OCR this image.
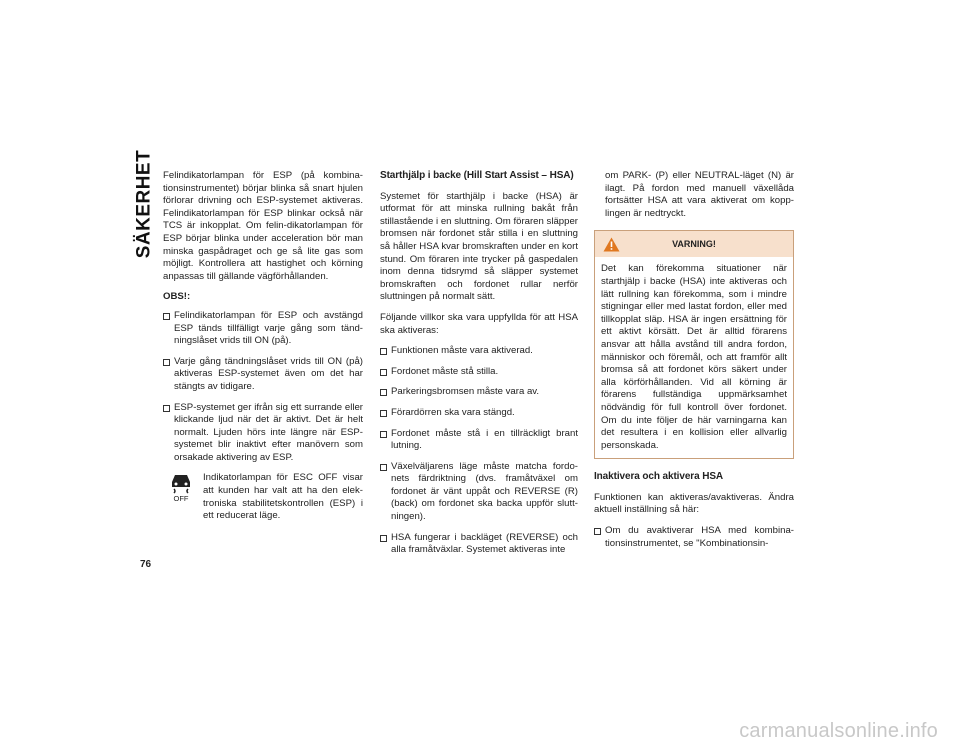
SÄKERHET
76

Felindikatorlampan för ESP (på kombina-tionsinstrumentet) börjar blinka så snart hjulen förlorar drivning och ESP-systemet aktiveras. Felindikatorlampan för ESP blinkar också när TCS är inkopplat. Om felin-dikatorlampan för ESP börjar blinka under acceleration bör man minska gaspådraget och ge så lite gas som möjligt. Kontrollera att hastighet och körning anpassas till gällande vägförhållanden.

OBS!:
Felindikatorlampan för ESP och avstängd ESP tänds tillfälligt varje gång som tänd-ningslåset vrids till ON (på).
Varje gång tändningslåset vrids till ON (på) aktiveras ESP-systemet även om det har stängts av tidigare.
ESP-systemet ger ifrån sig ett surrande eller klickande ljud när det är aktivt. Det är helt normalt. Ljuden hörs inte längre när ESP-systemet blir inaktivt efter manövern som orsakade aktivering av ESP.
OFF
Indikatorlampan för ESC OFF visar att kunden har valt att ha den elek-troniska stabilitetskontrollen (ESP) i ett reducerat läge.
Starthjälp i backe (Hill Start Assist – HSA)

Systemet för starthjälp i backe (HSA) är utformat för att minska rullning bakåt från stillastående i en sluttning. Om föraren släpper bromsen när fordonet står stilla i en sluttning så håller HSA kvar bromskraften under en kort stund. Om föraren inte trycker på gaspedalen inom denna tidsrymd så släpper systemet bromskraften och fordonet rullar nerför sluttningen på normalt sätt.

Följande villkor ska vara uppfyllda för att HSA ska aktiveras:

Funktionen måste vara aktiverad.
Fordonet måste stå stilla.
Parkeringsbromsen måste vara av.
Förardörren ska vara stängd.
Fordonet måste stå i en tillräckligt brant lutning.
Växelväljarens läge måste matcha fordo-nets färdriktning (dvs. framåtväxel om fordonet är vänt uppåt och REVERSE (R) (back) om fordonet ska backa uppför slutt-ningen).
HSA fungerar i backläget (REVERSE) och alla framåtväxlar. Systemet aktiveras inte

om PARK- (P) eller NEUTRAL-läget (N) är ilagt. På fordon med manuell växellåda fortsätter HSA att vara aktiverat om kopp-lingen är nedtryckt.

VARNING!
Det kan förekomma situationer när starthjälp i backe (HSA) inte aktiveras och lätt rullning kan förekomma, som i mindre stigningar eller med lastat fordon, eller med tillkopplat släp. HSA är ingen ersättning för ett aktivt körsätt. Det är alltid förarens ansvar att hålla avstånd till andra fordon, människor och föremål, och att framför allt bromsa så att fordonet körs säkert under alla körförhållanden. Vid all körning är förarens fullständiga uppmärksamhet nödvändig för full kontroll över fordonet. Om du inte följer de här varningarna kan det resultera i en kollision eller allvarlig personskada.
Inaktivera och aktivera HSA

Funktionen kan aktiveras/avaktiveras. Ändra aktuell inställning så här:

Om du avaktiverar HSA med kombina-tionsinstrumentet, se "Kombinationsin-
carmanualsonline.info
